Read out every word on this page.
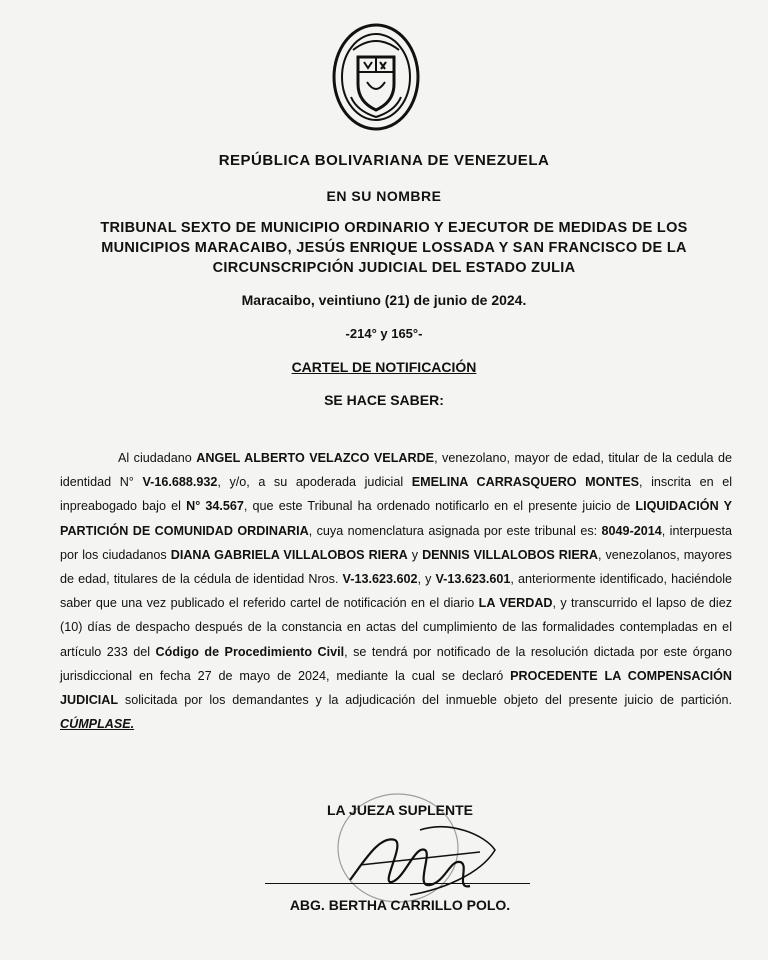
REPÚBLICA BOLIVARIANA DE VENEZUELA
EN SU NOMBRE
TRIBUNAL SEXTO DE MUNICIPIO ORDINARIO Y EJECUTOR DE MEDIDAS DE LOS MUNICIPIOS MARACAIBO, JESÚS ENRIQUE LOSSADA Y SAN FRANCISCO DE LA CIRCUNSCRIPCIÓN JUDICIAL DEL ESTADO ZULIA
Maracaibo, veintiuno (21) de junio de 2024.
-214° y 165°-
CARTEL DE NOTIFICACIÓN
SE HACE SABER:
Al ciudadano ANGEL ALBERTO VELAZCO VELARDE, venezolano, mayor de edad, titular de la cedula de identidad N° V-16.688.932, y/o, a su apoderada judicial EMELINA CARRASQUERO MONTES, inscrita en el inpreabogado bajo el N° 34.567, que este Tribunal ha ordenado notificarlo en el presente juicio de LIQUIDACIÓN Y PARTICIÓN DE COMUNIDAD ORDINARIA, cuya nomenclatura asignada por este tribunal es: 8049-2014, interpuesta por los ciudadanos DIANA GABRIELA VILLALOBOS RIERA y DENNIS VILLALOBOS RIERA, venezolanos, mayores de edad, titulares de la cédula de identidad Nros. V-13.623.602, y V-13.623.601, anteriormente identificado, haciéndole saber que una vez publicado el referido cartel de notificación en el diario LA VERDAD, y transcurrido el lapso de diez (10) días de despacho después de la constancia en actas del cumplimiento de las formalidades contempladas en el artículo 233 del Código de Procedimiento Civil, se tendrá por notificado de la resolución dictada por este órgano jurisdiccional en fecha 27 de mayo de 2024, mediante la cual se declaró PROCEDENTE LA COMPENSACIÓN JUDICIAL solicitada por los demandantes y la adjudicación del inmueble objeto del presente juicio de partición. CÚMPLASE.
LA JUEZA SUPLENTE
ABG. BERTHA CARRILLO POLO.
